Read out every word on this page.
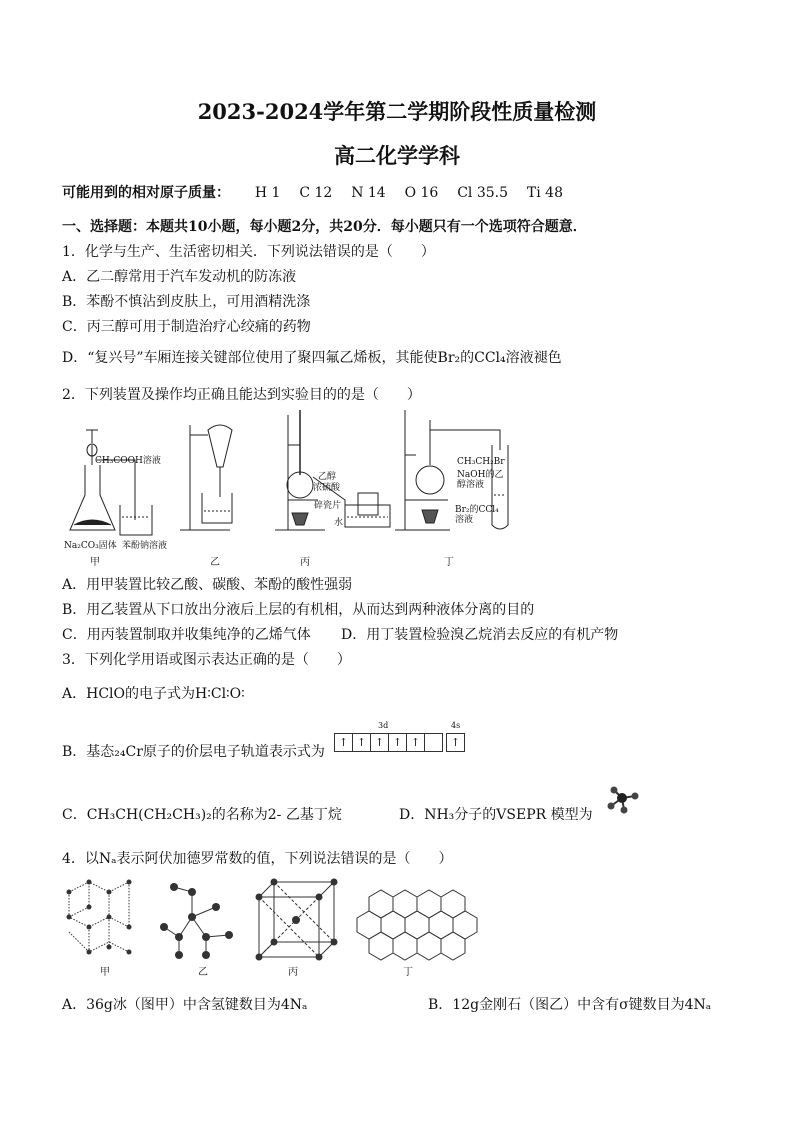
2023-2024学年第二学期阶段性质量检测
高二化学学科
可能用到的相对原子质量： H 1 C 12 N 14 O 16 Cl 35.5 Ti 48
一、选择题：本题共10小题，每小题2分，共20分．每小题只有一个选项符合题意．
1．化学与生产、生活密切相关．下列说法错误的是（　　）
A．乙二醇常用于汽车发动机的防冻液
B．苯酚不慎沾到皮肤上，可用酒精洗涤
C．丙三醇可用于制造治疗心绞痛的药物
D．“复兴号”车厢连接关键部位使用了聚四氟乙烯板，其能使Br₂的CCl₄溶液褪色
2．下列装置及操作均正确且能达到实验目的的是（　　）
CH₃COOH溶液
Na₂CO₃固体 苯酚钠溶液
乙醇
浓硫酸
碎瓷片
水
CH₃CH₂Br
NaOH的乙
醇溶液
Br₂的CCl₄
溶液
甲	乙	丙	丁
A．用甲装置比较乙酸、碳酸、苯酚的酸性强弱
B．用乙装置从下口放出分液后上层的有机相，从而达到两种液体分离的目的
C．用丙装置制取并收集纯净的乙烯气体 D．用丁装置检验溴乙烷消去反应的有机产物
3．下列化学用语或图示表达正确的是（　　）
A．HClO的电子式为H∶Cl∶O∶
B．基态₂₄Cr原子的价层电子轨道表示式为
3d	4s
↑ ↑ ↑ ↑ ↑	↑
C．CH₃CH(CH₂CH₃)₂的名称为2- 乙基丁烷	D．NH₃分子的VSEPR 模型为
4．以Nₐ表示阿伏加德罗常数的值，下列说法错误的是（　　）
甲	乙	丙	丁
A．36g冰（图甲）中含氢键数目为4Nₐ	B．12g金刚石（图乙）中含有σ键数目为4Nₐ
